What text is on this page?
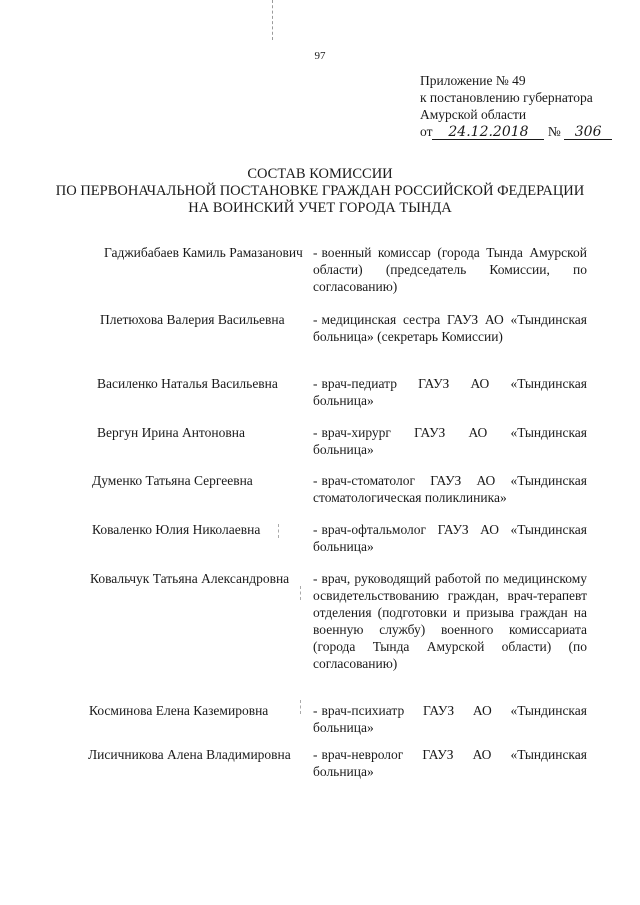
97
Приложение № 49
к постановлению губернатора
Амурской области
от 24.12.2018 № 306
СОСТАВ КОМИССИИ
ПО ПЕРВОНАЧАЛЬНОЙ ПОСТАНОВКЕ ГРАЖДАН РОССИЙСКОЙ ФЕДЕРАЦИИ
НА ВОИНСКИЙ УЧЕТ ГОРОДА ТЫНДА
Гаджибабаев Камиль Рамазанович - военный комиссар (города Тында Амурской области) (председатель Комиссии, по согласованию)
Плетюхова Валерия Васильевна - медицинская сестра ГАУЗ АО «Тындинская больница» (секретарь Комиссии)
Василенко Наталья Васильевна	- врач-педиатр ГАУЗ АО «Тындинская больница»
Вергун Ирина Антоновна	- врач-хирург ГАУЗ АО «Тындинская больница»
Думенко Татьяна Сергеевна	- врач-стоматолог ГАУЗ АО «Тындинская стоматологическая поликлиника»
Коваленко Юлия Николаевна	- врач-офтальмолог ГАУЗ АО «Тындинская больница»
Ковальчук Татьяна Александровна - врач, руководящий работой по медицинскому освидетельствованию граждан, врач-терапевт отделения (подготовки и призыва граждан на военную службу) военного комиссариата (города Тында Амурской области) (по согласованию)
Косминова Елена Каземировна	- врач-психиатр ГАУЗ АО «Тындинская больница»
Лисичникова Алена Владимировна - врач-невролог ГАУЗ АО «Тындинская больница»
